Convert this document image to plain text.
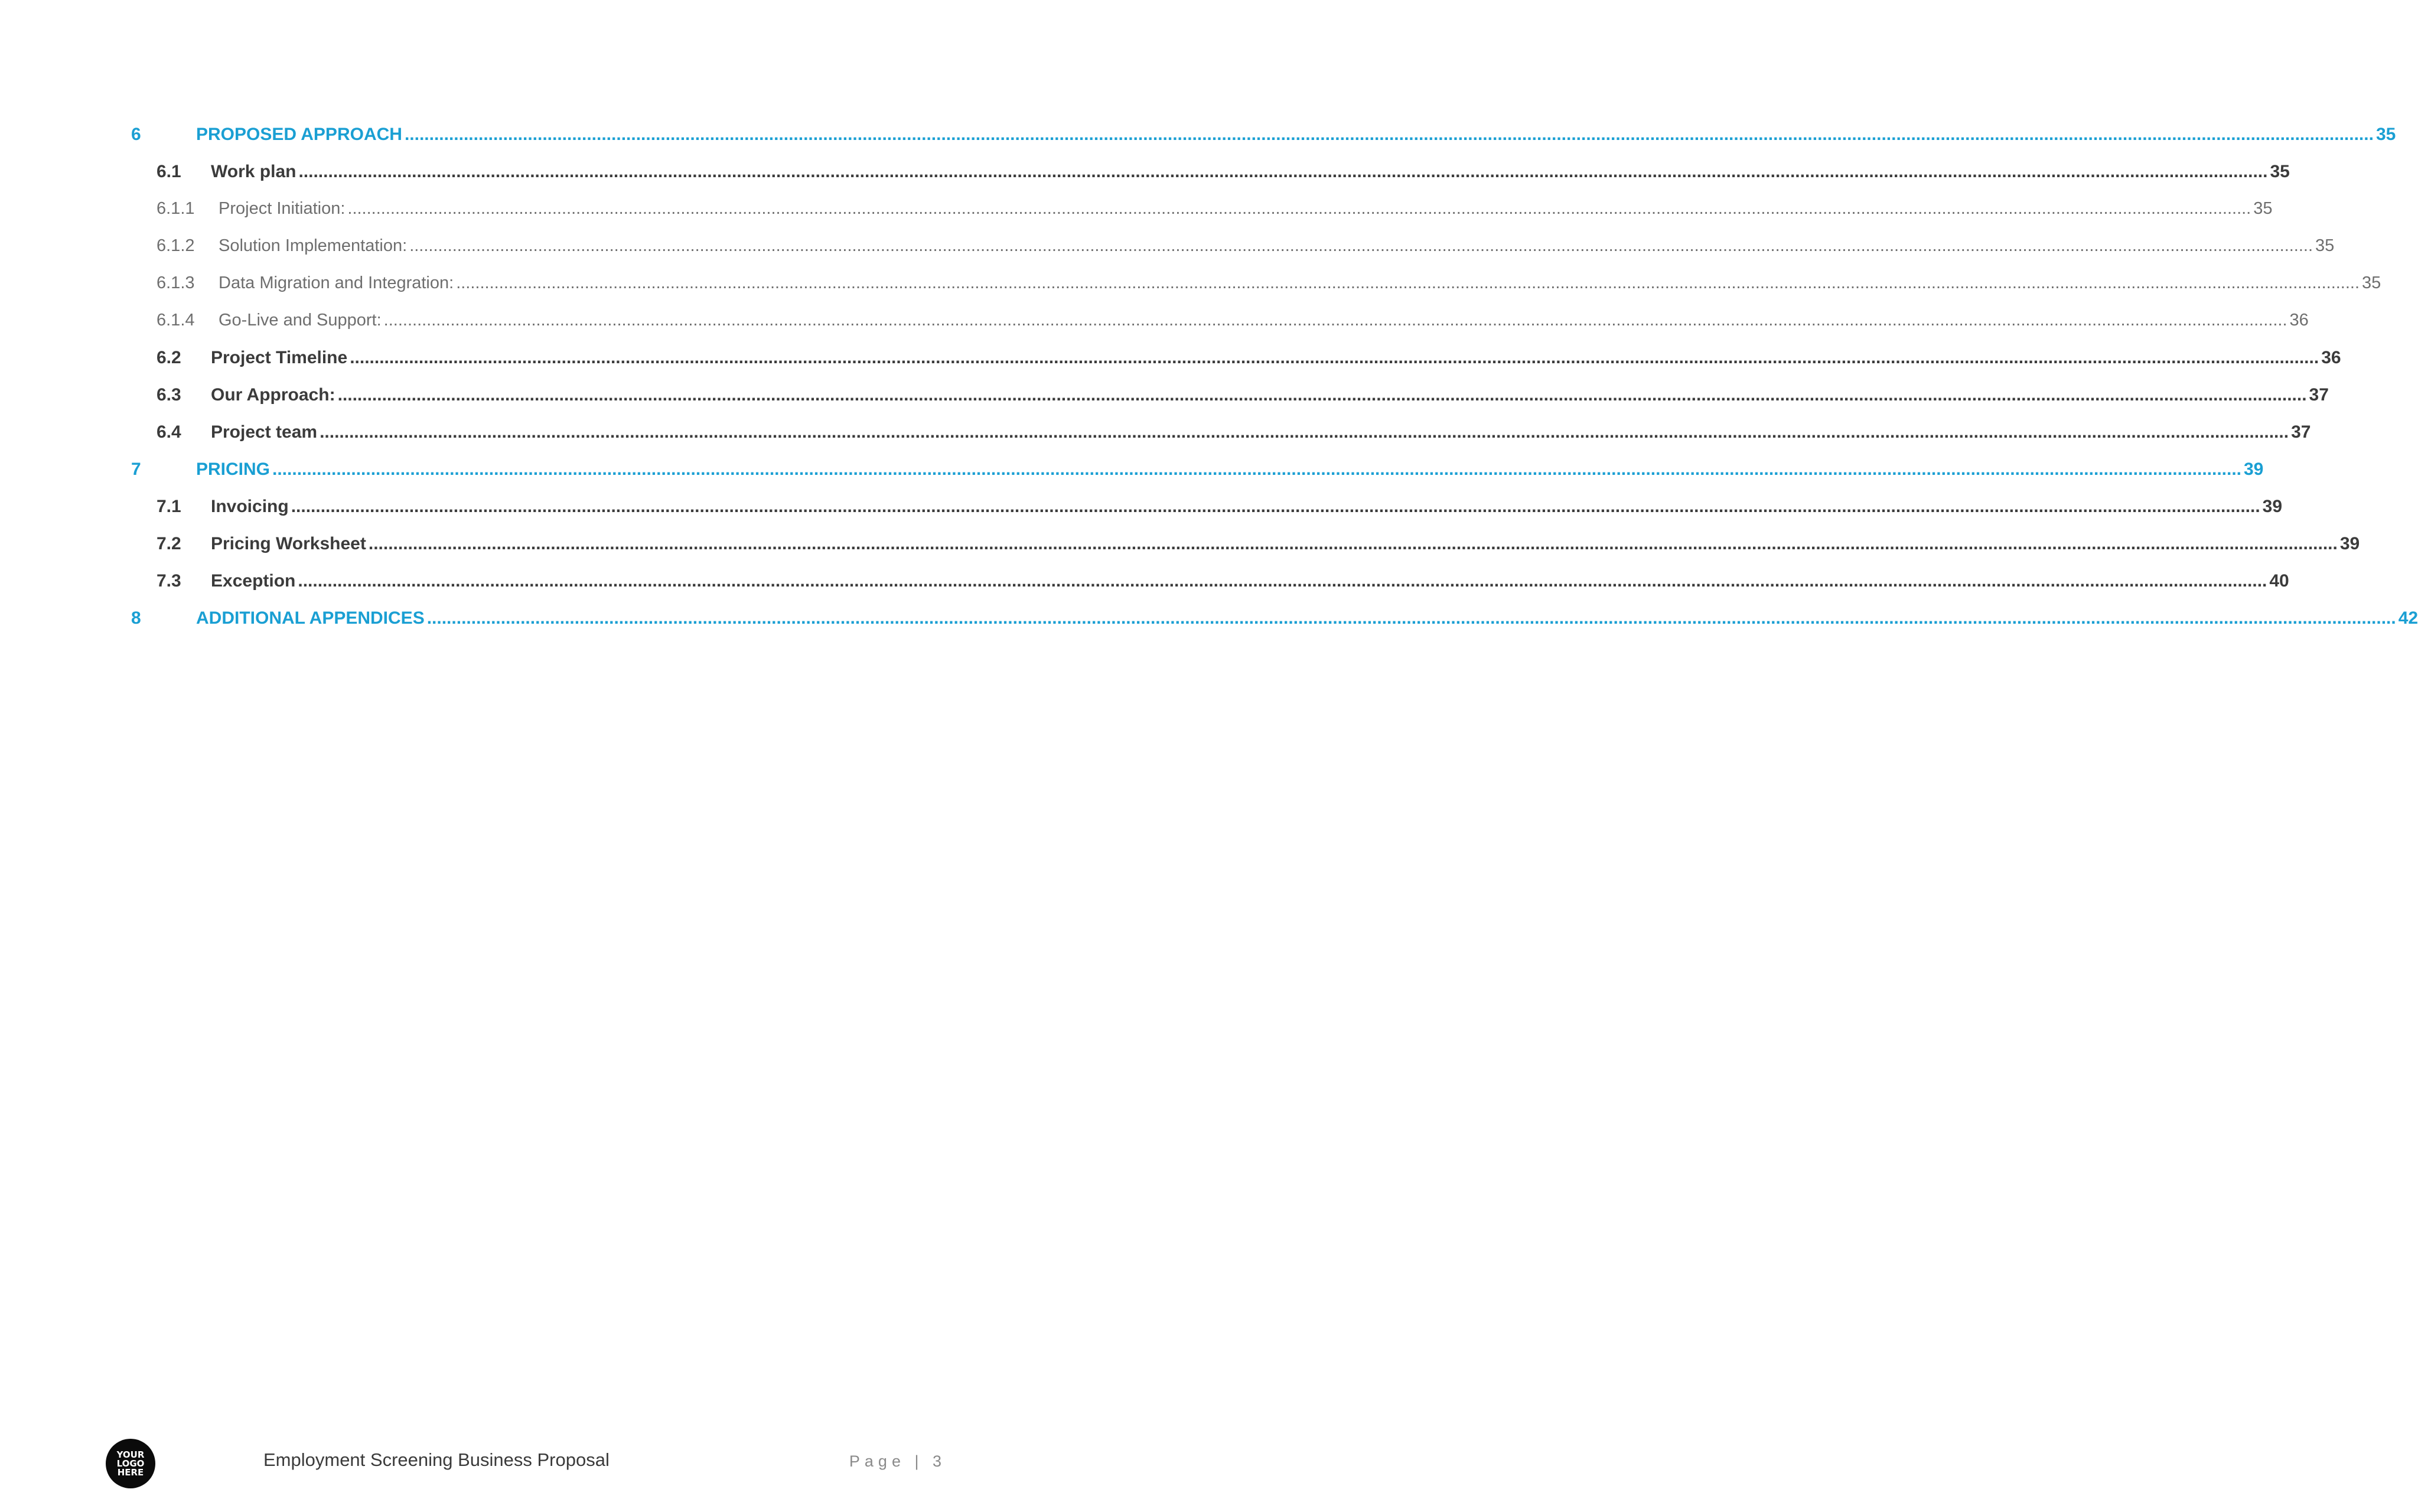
6	PROPOSED APPROACH ................................................................................................................................................................................................................................................................................................................................................................................................................ 35
6.1	Work plan ................................................................................................................................................................................................................................................................................................................................................................................................................ 35
6.1.1	Project Initiation: ................................................................................................................................................................................................................................................................................................................................................................................................................ 35
6.1.2	Solution Implementation: ................................................................................................................................................................................................................................................................................................................................................................................................................ 35
6.1.3	Data Migration and Integration: ................................................................................................................................................................................................................................................................................................................................................................................................................ 35
6.1.4	Go-Live and Support: ................................................................................................................................................................................................................................................................................................................................................................................................................ 36
6.2	Project Timeline ................................................................................................................................................................................................................................................................................................................................................................................................................ 36
6.3	Our Approach: ................................................................................................................................................................................................................................................................................................................................................................................................................ 37
6.4	Project team ................................................................................................................................................................................................................................................................................................................................................................................................................ 37
7	PRICING ................................................................................................................................................................................................................................................................................................................................................................................................................ 39
7.1	Invoicing ................................................................................................................................................................................................................................................................................................................................................................................................................ 39
7.2	Pricing Worksheet ................................................................................................................................................................................................................................................................................................................................................................................................................ 39
7.3	Exception ................................................................................................................................................................................................................................................................................................................................................................................................................ 40
8	ADDITIONAL APPENDICES ................................................................................................................................................................................................................................................................................................................................................................................................................ 42
YOUR
LOGO
HERE
Employment Screening Business Proposal	Page | 3
